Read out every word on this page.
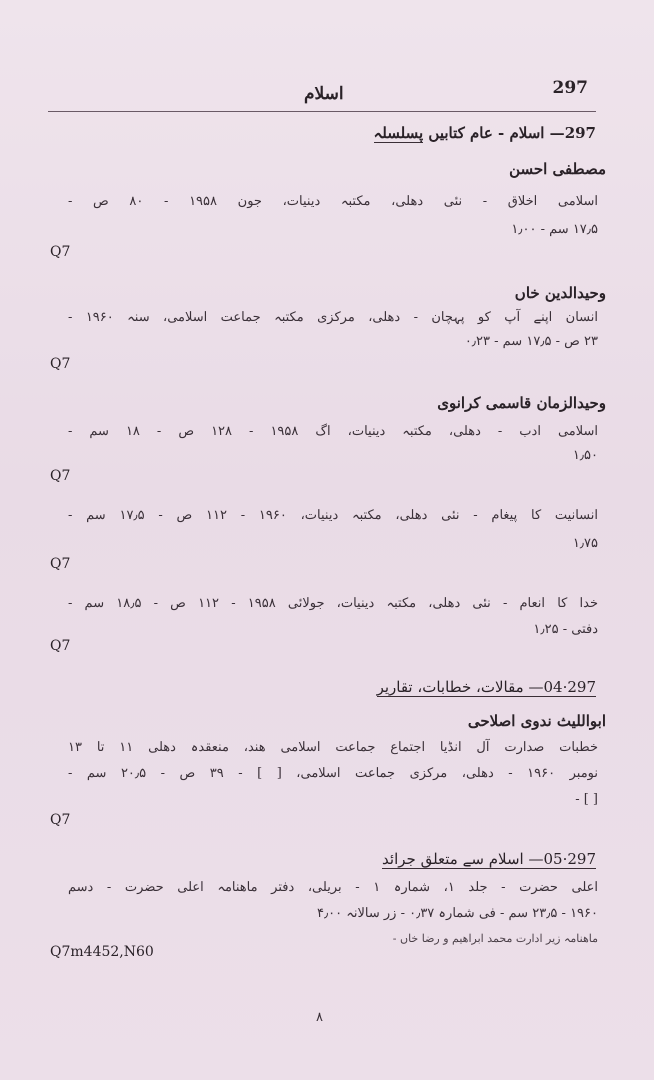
اسلام	297
297— اسلام - عام کتابیں پسلسلہ
مصطفی احسن
اسلامی اخلاق - نئی دھلی، مکتبہ دینیات، جون ۱۹۵۸ - ۸۰ ص -
۱۷٫۵ سم - ۱٫۰۰
Q7
وحیدالدین خاں
انسان اپنے آپ کو پہچان - دھلی، مرکزی مکتبہ جماعت اسلامی، سنہ ۱۹۶۰ -
۲۳ ص - ۱۷٫۵ سم - ۰٫۲۳
Q7
وحیدالزمان قاسمی کرانوی
اسلامی ادب - دھلی، مکتبہ دینیات، اگ ۱۹۵۸ - ۱۲۸ ص - ۱۸ سم -
۱٫۵۰
Q7
انسانیت کا پیغام - نئی دھلی، مکتبہ دینیات، ۱۹۶۰ - ۱۱۲ ص - ۱۷٫۵ سم -
۱٫۷۵
Q7
خدا کا انعام - نئی دھلی، مکتبہ دینیات، جولائی ۱۹۵۸ - ۱۱۲ ص - ۱۸٫۵ سم -
دفتی - ۱٫۲۵
Q7
297·04— مقالات، خطابات، تقاریر
ابواللیث ندوی اصلاحی
خطبات صدارت آل انڈیا اجتماع جماعت اسلامی ھند، منعقدہ دھلی ۱۱ تا ۱۳
نومبر ۱۹۶۰ - دھلی، مرکزی جماعت اسلامی، [ ] - ۳۹ ص - ۲۰٫۵ سم -
[ ] -
Q7
297·05— اسلام سے متعلق جرائد
اعلی حضرت - جلد ۱، شمارہ ۱ - بریلی، دفتر ماھنامہ اعلی حضرت - دسم
۱۹۶۰ - ۲۳٫۵ سم - فی شمارہ ۰٫۳۷ - زر سالانہ ۴٫۰۰
ماھنامہ زیر ادارت محمد ابراھیم و رضا خاں -
Q7m4452,N60
۸
